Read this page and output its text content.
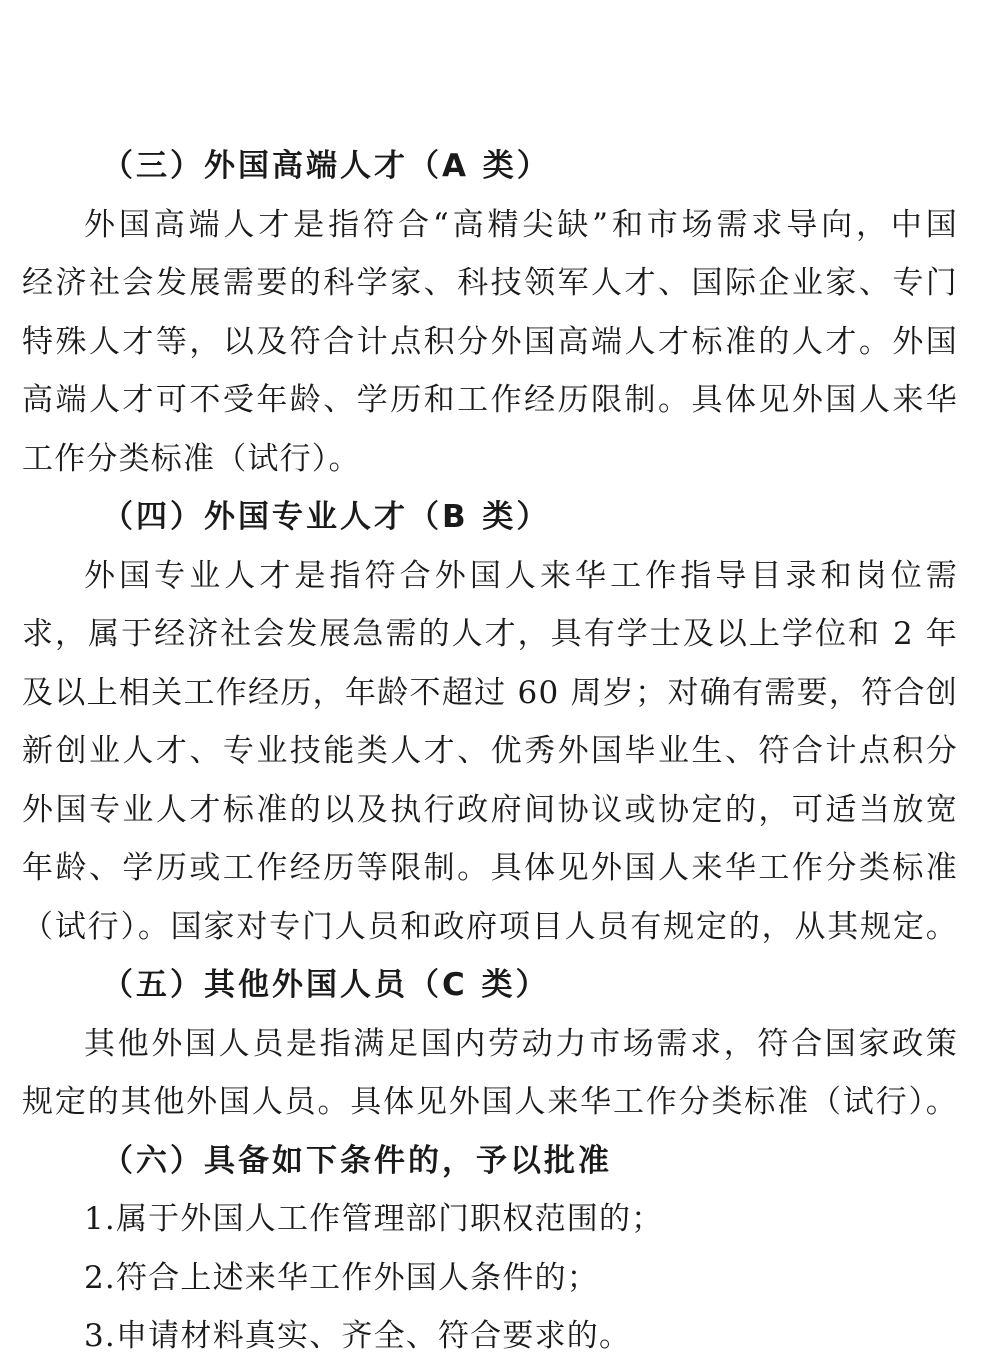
（三）外国高端人才（A 类）
外国高端人才是指符合“高精尖缺”和市场需求导向，中国
经济社会发展需要的科学家、科技领军人才、国际企业家、专门
特殊人才等，以及符合计点积分外国高端人才标准的人才。外国
高端人才可不受年龄、学历和工作经历限制。具体见外国人来华
工作分类标准（试行）。
（四）外国专业人才（B 类）
外国专业人才是指符合外国人来华工作指导目录和岗位需
求，属于经济社会发展急需的人才，具有学士及以上学位和 2 年
及以上相关工作经历，年龄不超过 60 周岁；对确有需要，符合创
新创业人才、专业技能类人才、优秀外国毕业生、符合计点积分
外国专业人才标准的以及执行政府间协议或协定的，可适当放宽
年龄、学历或工作经历等限制。具体见外国人来华工作分类标准
（试行）。国家对专门人员和政府项目人员有规定的，从其规定。
（五）其他外国人员（C 类）
其他外国人员是指满足国内劳动力市场需求，符合国家政策
规定的其他外国人员。具体见外国人来华工作分类标准（试行）。
（六）具备如下条件的，予以批准
1.属于外国人工作管理部门职权范围的；
2.符合上述来华工作外国人条件的；
3.申请材料真实、齐全、符合要求的。
